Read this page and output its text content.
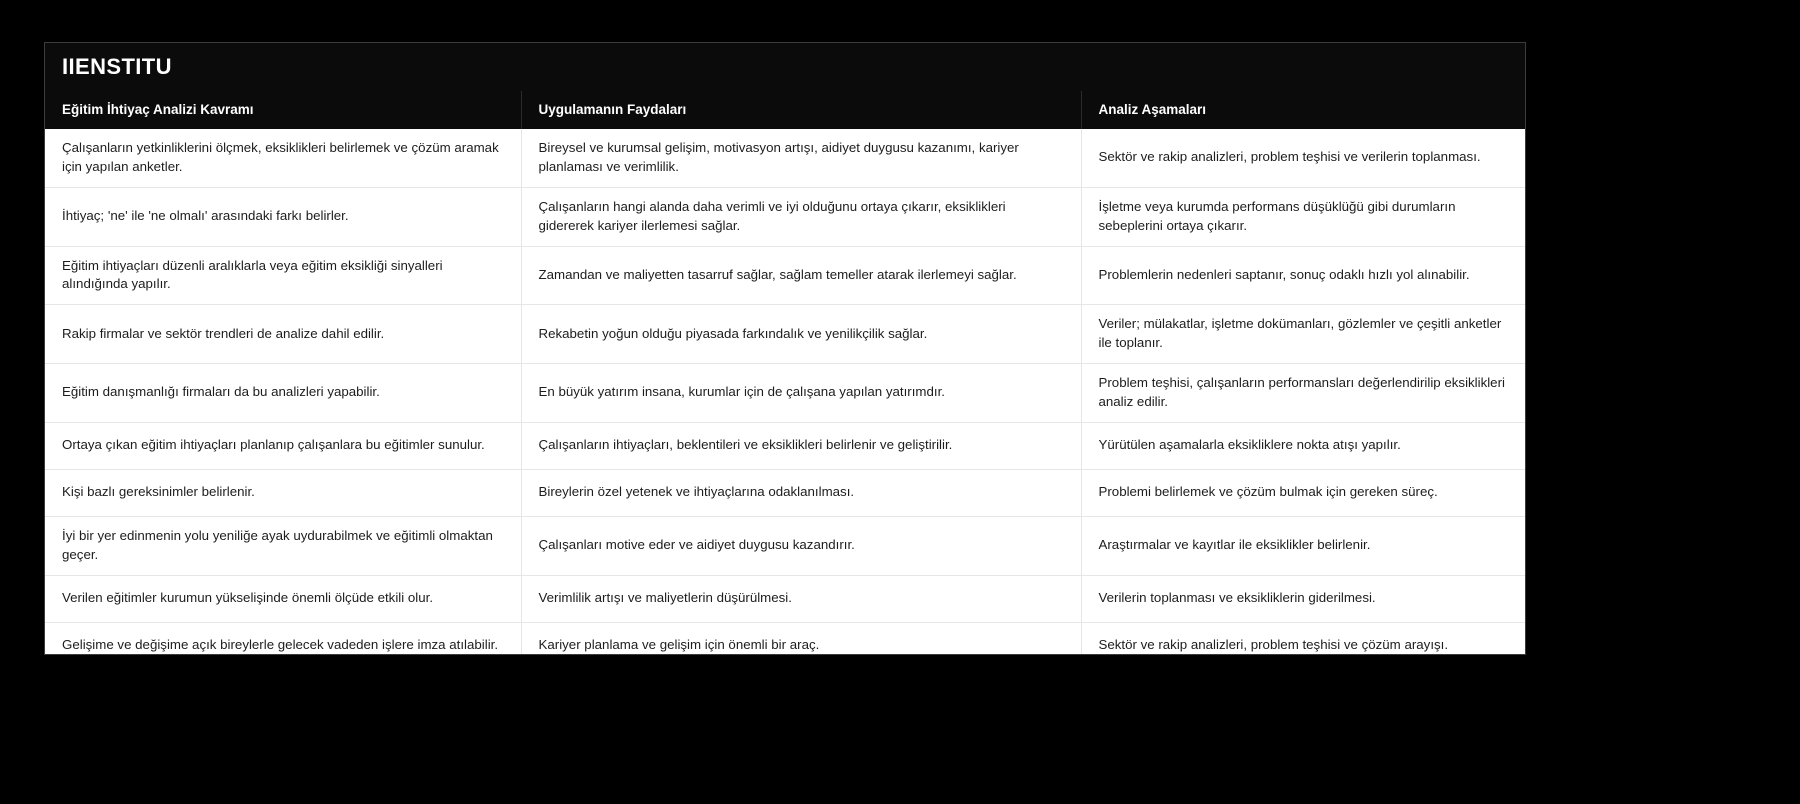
IIENSTITU
Eğitim İhtiyaç Analizi Kavramı	Uygulamanın Faydaları	Analiz Aşamaları
Çalışanların yetkinliklerini ölçmek, eksiklikleri belirlemek ve çözüm aramak için yapılan anketler.	Bireysel ve kurumsal gelişim, motivasyon artışı, aidiyet duygusu kazanımı, kariyer planlaması ve verimlilik.	Sektör ve rakip analizleri, problem teşhisi ve verilerin toplanması.
İhtiyaç; 'ne' ile 'ne olmalı' arasındaki farkı belirler.	Çalışanların hangi alanda daha verimli ve iyi olduğunu ortaya çıkarır, eksiklikleri gidererek kariyer ilerlemesi sağlar.	İşletme veya kurumda performans düşüklüğü gibi durumların sebeplerini ortaya çıkarır.
Eğitim ihtiyaçları düzenli aralıklarla veya eğitim eksikliği sinyalleri alındığında yapılır.	Zamandan ve maliyetten tasarruf sağlar, sağlam temeller atarak ilerlemeyi sağlar.	Problemlerin nedenleri saptanır, sonuç odaklı hızlı yol alınabilir.
Rakip firmalar ve sektör trendleri de analize dahil edilir.	Rekabetin yoğun olduğu piyasada farkındalık ve yenilikçilik sağlar.	Veriler; mülakatlar, işletme dokümanları, gözlemler ve çeşitli anketler ile toplanır.
Eğitim danışmanlığı firmaları da bu analizleri yapabilir.	En büyük yatırım insana, kurumlar için de çalışana yapılan yatırımdır.	Problem teşhisi, çalışanların performansları değerlendirilip eksiklikleri analiz edilir.
Ortaya çıkan eğitim ihtiyaçları planlanıp çalışanlara bu eğitimler sunulur.	Çalışanların ihtiyaçları, beklentileri ve eksiklikleri belirlenir ve geliştirilir.	Yürütülen aşamalarla eksikliklere nokta atışı yapılır.
Kişi bazlı gereksinimler belirlenir.	Bireylerin özel yetenek ve ihtiyaçlarına odaklanılması.	Problemi belirlemek ve çözüm bulmak için gereken süreç.
İyi bir yer edinmenin yolu yeniliğe ayak uydurabilmek ve eğitimli olmaktan geçer.	Çalışanları motive eder ve aidiyet duygusu kazandırır.	Araştırmalar ve kayıtlar ile eksiklikler belirlenir.
Verilen eğitimler kurumun yükselişinde önemli ölçüde etkili olur.	Verimlilik artışı ve maliyetlerin düşürülmesi.	Verilerin toplanması ve eksikliklerin giderilmesi.
Gelişime ve değişime açık bireylerle gelecek vadeden işlere imza atılabilir.	Kariyer planlama ve gelişim için önemli bir araç.	Sektör ve rakip analizleri, problem teşhisi ve çözüm arayışı.
